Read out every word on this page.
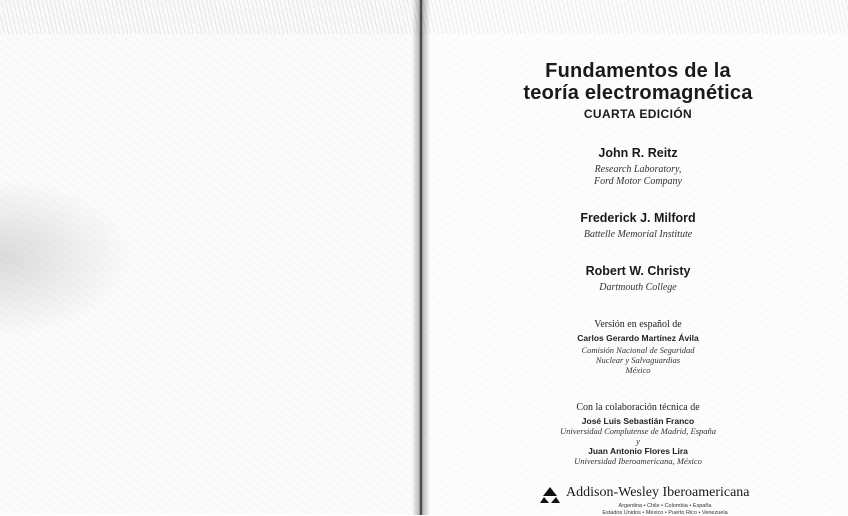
Fundamentos de la
teoría electromagnética
CUARTA EDICIÓN
John R. Reitz
Research Laboratory,
Ford Motor Company
Frederick J. Milford
Battelle Memorial Institute
Robert W. Christy
Dartmouth College
Versión en español de
Carlos Gerardo Martínez Ávila
Comisión Nacional de Seguridad
Nuclear y Salvaguardias
México
Con la colaboración técnica de
José Luis Sebastián Franco
Universidad Complutense de Madrid, España
y
Juan Antonio Flores Lira
Universidad Iberoamericana, México
Addison-Wesley Iberoamericana
Argentina • Chile • Colombia • España
Estados Unidos • México • Puerto Rico • Venezuela
